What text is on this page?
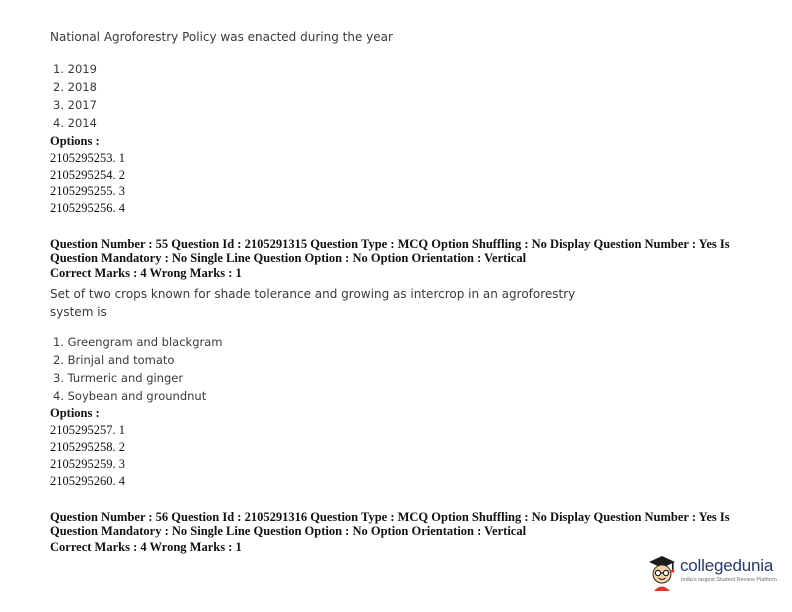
National Agroforestry Policy was enacted during the year
1. 2019
2. 2018
3. 2017
4. 2014
Options :
2105295253. 1
2105295254. 2
2105295255. 3
2105295256. 4
Question Number : 55 Question Id : 2105291315 Question Type : MCQ Option Shuffling : No Display Question Number : Yes Is
Question Mandatory : No Single Line Question Option : No Option Orientation : Vertical
Correct Marks : 4 Wrong Marks : 1
Set of two crops known for shade tolerance and growing as intercrop in an agroforestry
system is
1. Greengram and blackgram
2. Brinjal and tomato
3. Turmeric and ginger
4. Soybean and groundnut
Options :
2105295257. 1
2105295258. 2
2105295259. 3
2105295260. 4
Question Number : 56 Question Id : 2105291316 Question Type : MCQ Option Shuffling : No Display Question Number : Yes Is
Question Mandatory : No Single Line Question Option : No Option Orientation : Vertical
Correct Marks : 4 Wrong Marks : 1
collegedunia
India's largest Student Review Platform
